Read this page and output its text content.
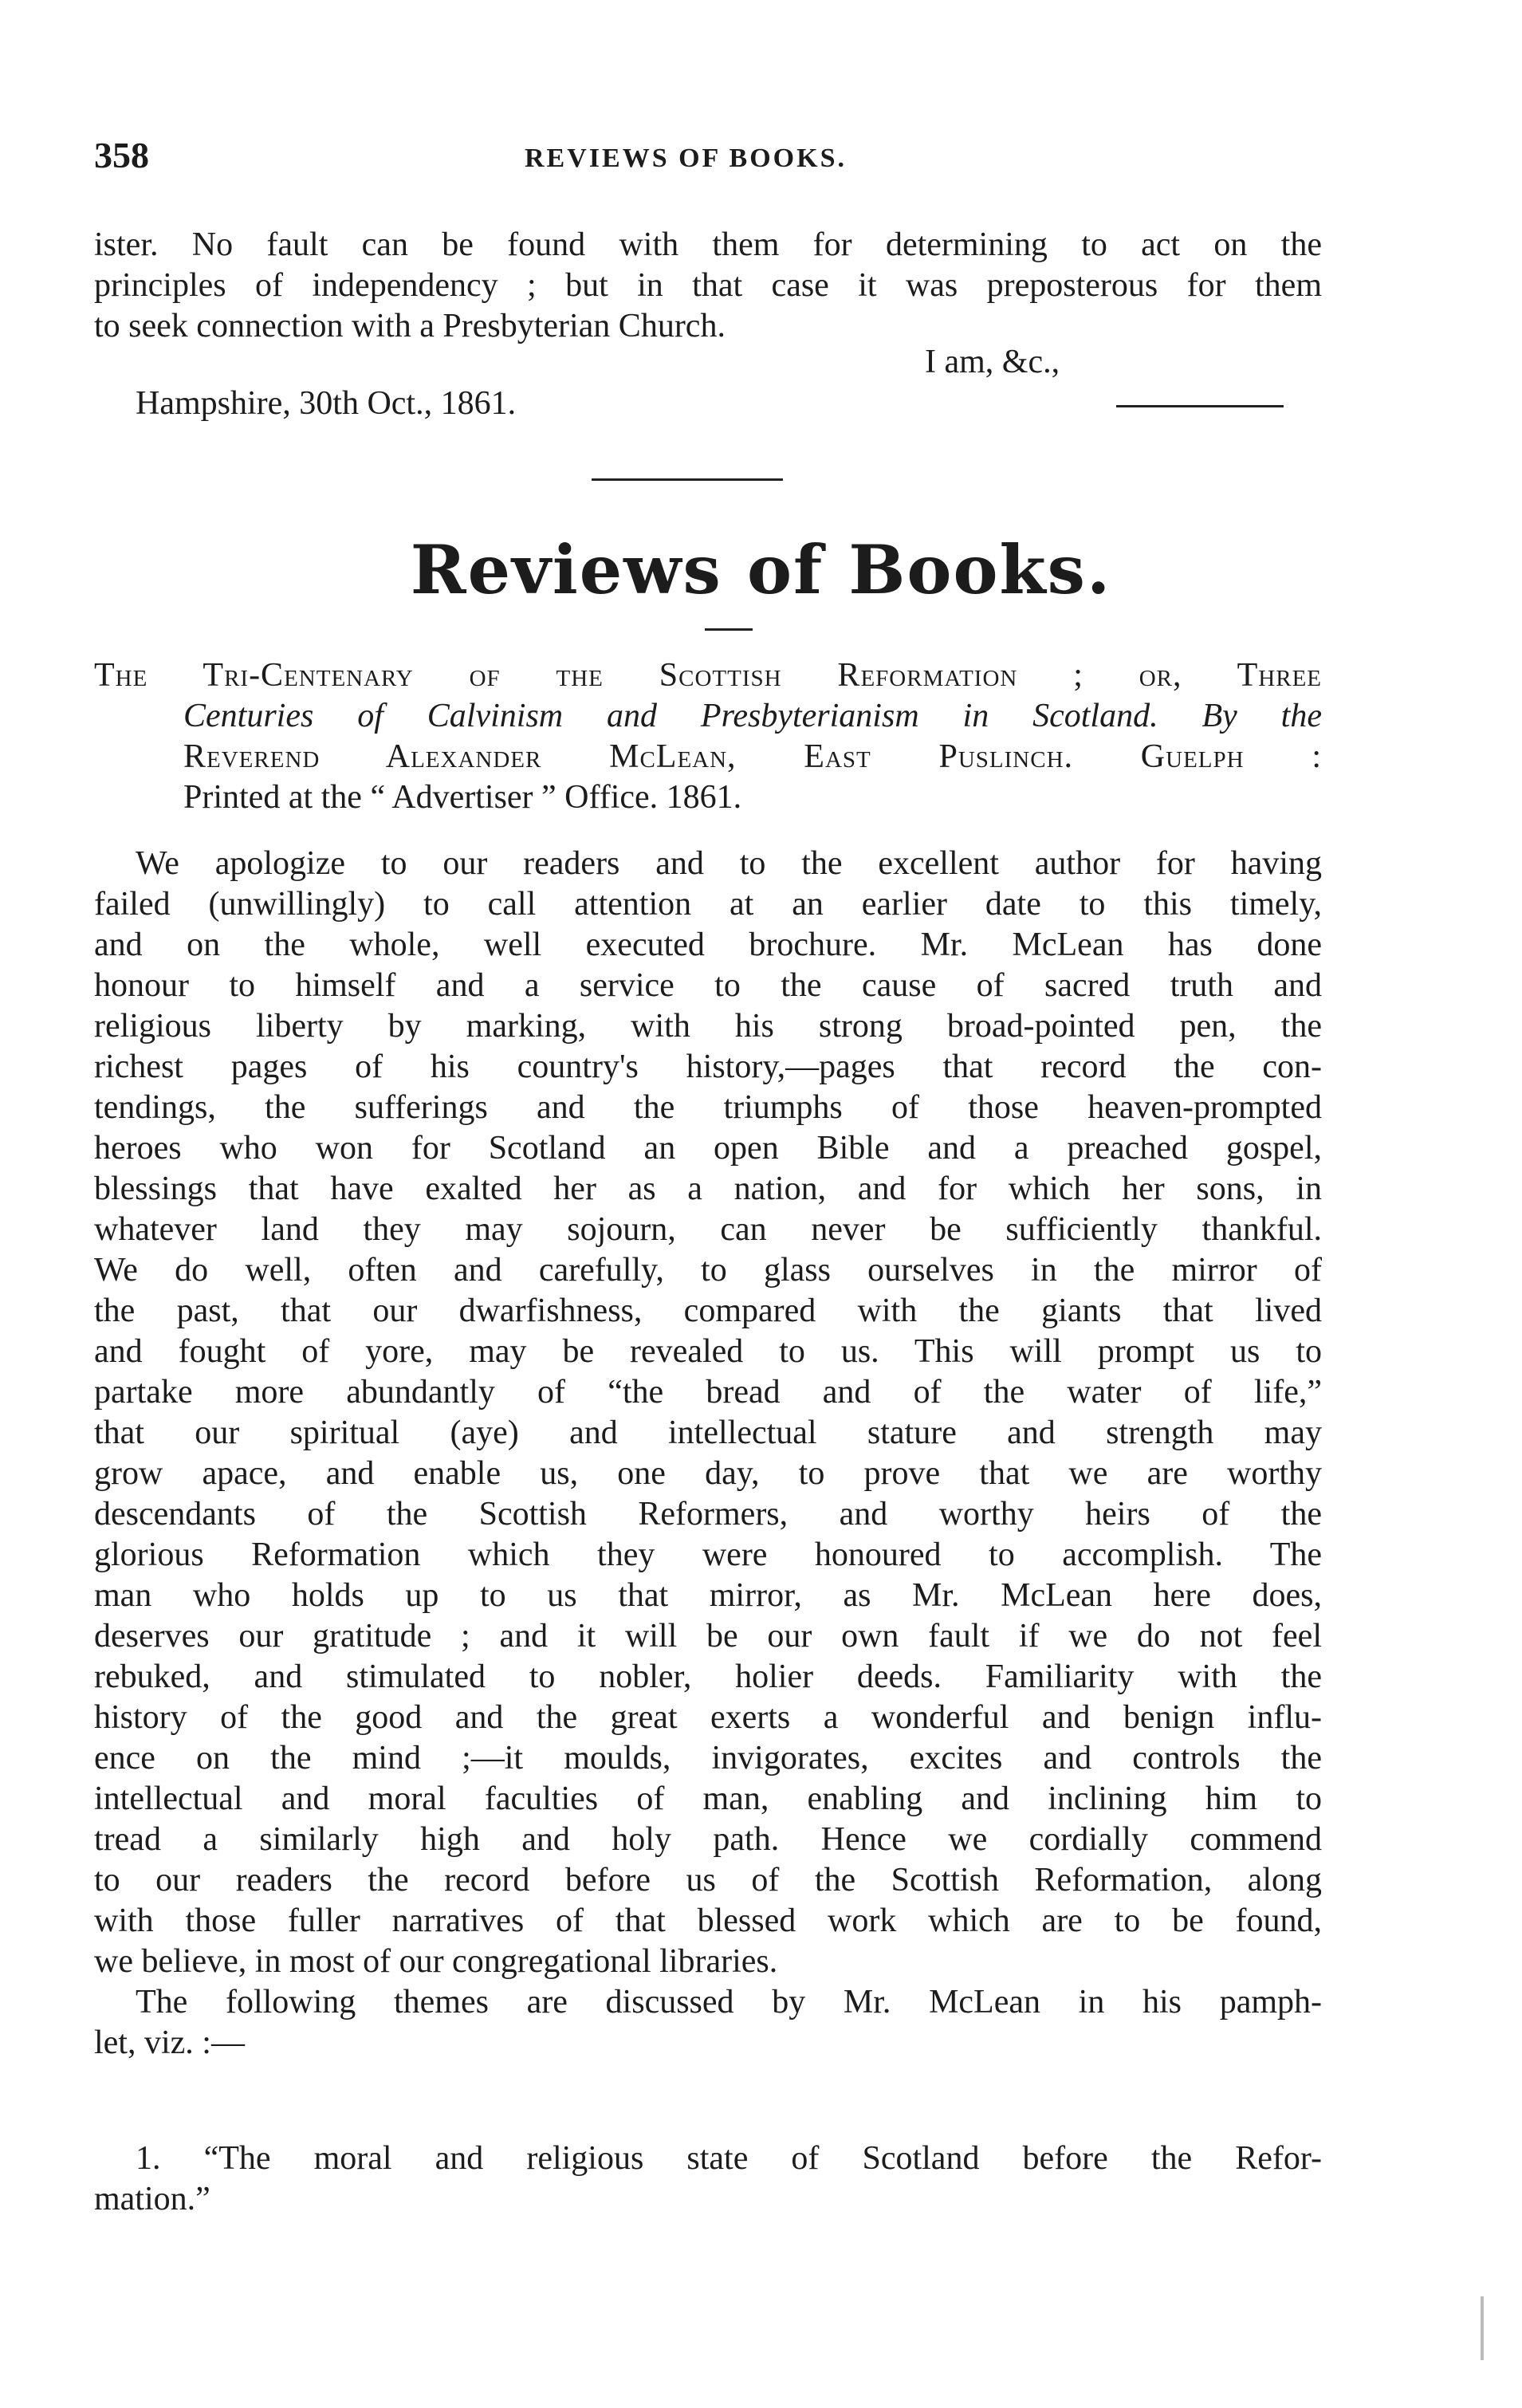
358	REVIEWS OF BOOKS.
ister. No fault can be found with them for determining to act on the
principles of independency ; but in that case it was preposterous for them
to seek connection with a Presbyterian Church.
I am, &c.,
Hampshire, 30th Oct., 1861.
Reviews of Books.
The Tri-Centenary of the Scottish Reformation ; or, Three
Centuries of Calvinism and Presbyterianism in Scotland. By the
Reverend Alexander McLean, East Puslinch. Guelph :
Printed at the “ Advertiser ” Office. 1861.
We apologize to our readers and to the excellent author for having
failed (unwillingly) to call attention at an earlier date to this timely,
and on the whole, well executed brochure. Mr. McLean has done
honour to himself and a service to the cause of sacred truth and
religious liberty by marking, with his strong broad-pointed pen, the
richest pages of his country's history,—pages that record the con-
tendings, the sufferings and the triumphs of those heaven-prompted
heroes who won for Scotland an open Bible and a preached gospel,
blessings that have exalted her as a nation, and for which her sons, in
whatever land they may sojourn, can never be sufficiently thankful.
We do well, often and carefully, to glass ourselves in the mirror of
the past, that our dwarfishness, compared with the giants that lived
and fought of yore, may be revealed to us. This will prompt us to
partake more abundantly of “the bread and of the water of life,”
that our spiritual (aye) and intellectual stature and strength may
grow apace, and enable us, one day, to prove that we are worthy
descendants of the Scottish Reformers, and worthy heirs of the
glorious Reformation which they were honoured to accomplish. The
man who holds up to us that mirror, as Mr. McLean here does,
deserves our gratitude ; and it will be our own fault if we do not feel
rebuked, and stimulated to nobler, holier deeds. Familiarity with the
history of the good and the great exerts a wonderful and benign influ-
ence on the mind ;—it moulds, invigorates, excites and controls the
intellectual and moral faculties of man, enabling and inclining him to
tread a similarly high and holy path. Hence we cordially commend
to our readers the record before us of the Scottish Reformation, along
with those fuller narratives of that blessed work which are to be found,
we believe, in most of our congregational libraries.
The following themes are discussed by Mr. McLean in his pamph-
let, viz. :—
1. “The moral and religious state of Scotland before the Refor-
mation.”
